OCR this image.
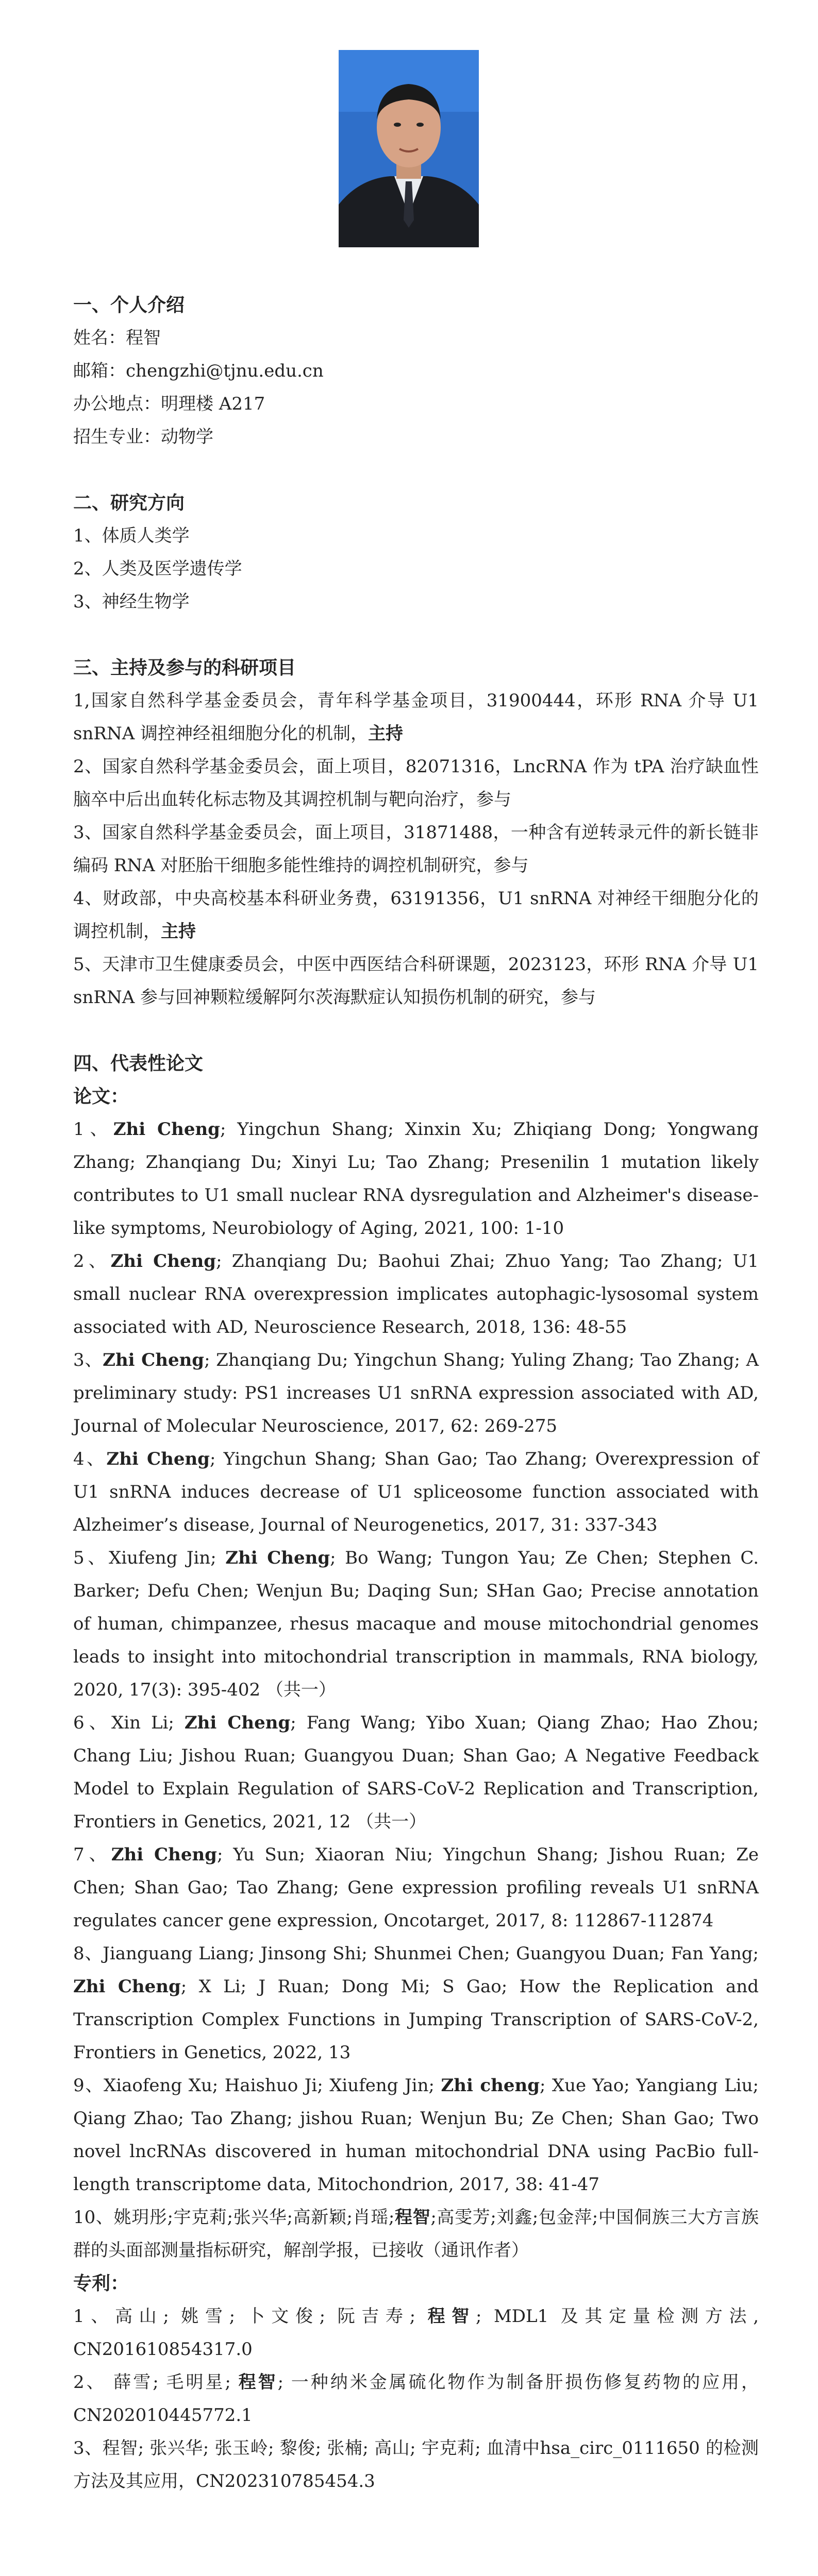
一、个人介绍
姓名：程智
邮箱：chengzhi@tjnu.edu.cn
办公地点：明理楼 A217
招生专业：动物学
二、研究方向
1、体质人类学
2、人类及医学遗传学
3、神经生物学
三、主持及参与的科研项目
1,国家自然科学基金委员会，青年科学基金项目，31900444，环形 RNA 介导 U1 snRNA 调控神经祖细胞分化的机制，主持
2、国家自然科学基金委员会，面上项目，82071316，LncRNA 作为 tPA 治疗缺血性脑卒中后出血转化标志物及其调控机制与靶向治疗，参与
3、国家自然科学基金委员会，面上项目，31871488，一种含有逆转录元件的新长链非编码 RNA 对胚胎干细胞多能性维持的调控机制研究，参与
4、财政部，中央高校基本科研业务费，63191356，U1 snRNA 对神经干细胞分化的调控机制，主持
5、天津市卫生健康委员会，中医中西医结合科研课题，2023123，环形 RNA 介导 U1 snRNA 参与回神颗粒缓解阿尔茨海默症认知损伤机制的研究，参与
四、代表性论文
论文：
1、Zhi Cheng; Yingchun Shang; Xinxin Xu; Zhiqiang Dong; Yongwang Zhang; Zhanqiang Du; Xinyi Lu; Tao Zhang; Presenilin 1 mutation likely contributes to U1 small nuclear RNA dysregulation and Alzheimer's disease-like symptoms, Neurobiology of Aging, 2021, 100: 1-10
2、Zhi Cheng; Zhanqiang Du; Baohui Zhai; Zhuo Yang; Tao Zhang; U1 small nuclear RNA overexpression implicates autophagic-lysosomal system associated with AD, Neuroscience Research, 2018, 136: 48-55
3、Zhi Cheng; Zhanqiang Du; Yingchun Shang; Yuling Zhang; Tao Zhang; A preliminary study: PS1 increases U1 snRNA expression associated with AD, Journal of Molecular Neuroscience, 2017, 62: 269-275
4、Zhi Cheng; Yingchun Shang; Shan Gao; Tao Zhang; Overexpression of U1 snRNA induces decrease of U1 spliceosome function associated with Alzheimer’s disease, Journal of Neurogenetics, 2017, 31: 337-343
5、Xiufeng Jin; Zhi Cheng; Bo Wang; Tungon Yau; Ze Chen; Stephen C. Barker; Defu Chen; Wenjun Bu; Daqing Sun; SHan Gao; Precise annotation of human, chimpanzee, rhesus macaque and mouse mitochondrial genomes leads to insight into mitochondrial transcription in mammals, RNA biology, 2020, 17(3): 395-402 （共一）
6、Xin Li; Zhi Cheng; Fang Wang; Yibo Xuan; Qiang Zhao; Hao Zhou; Chang Liu; Jishou Ruan; Guangyou Duan; Shan Gao; A Negative Feedback Model to Explain Regulation of SARS-CoV-2 Replication and Transcription, Frontiers in Genetics, 2021, 12 （共一）
7、Zhi Cheng; Yu Sun; Xiaoran Niu; Yingchun Shang; Jishou Ruan; Ze Chen; Shan Gao; Tao Zhang; Gene expression profiling reveals U1 snRNA regulates cancer gene expression, Oncotarget, 2017, 8: 112867-112874
8、Jianguang Liang; Jinsong Shi; Shunmei Chen; Guangyou Duan; Fan Yang; Zhi Cheng; X Li; J Ruan; Dong Mi; S Gao; How the Replication and Transcription Complex Functions in Jumping Transcription of SARS-CoV-2, Frontiers in Genetics, 2022, 13
9、Xiaofeng Xu; Haishuo Ji; Xiufeng Jin; Zhi cheng; Xue Yao; Yangiang Liu; Qiang Zhao; Tao Zhang; jishou Ruan; Wenjun Bu; Ze Chen; Shan Gao; Two novel lncRNAs discovered in human mitochondrial DNA using PacBio full-length transcriptome data, Mitochondrion, 2017, 38: 41-47
10、姚玥彤;宇克莉;张兴华;高新颖;肖瑶;程智;高雯芳;刘鑫;包金萍;中国侗族三大方言族群的头面部测量指标研究，解剖学报，已接收（通讯作者）
专利：
1、高山; 姚雪; 卜文俊; 阮吉寿; 程智; MDL1 及其定量检测方法, CN201610854317.0
2、 薛雪; 毛明星; 程智; 一种纳米金属硫化物作为制备肝损伤修复药物的应用，CN202010445772.1
3、程智; 张兴华; 张玉岭; 黎俊; 张楠; 高山; 宇克莉; 血清中hsa_circ_0111650 的检测方法及其应用，CN202310785454.3
